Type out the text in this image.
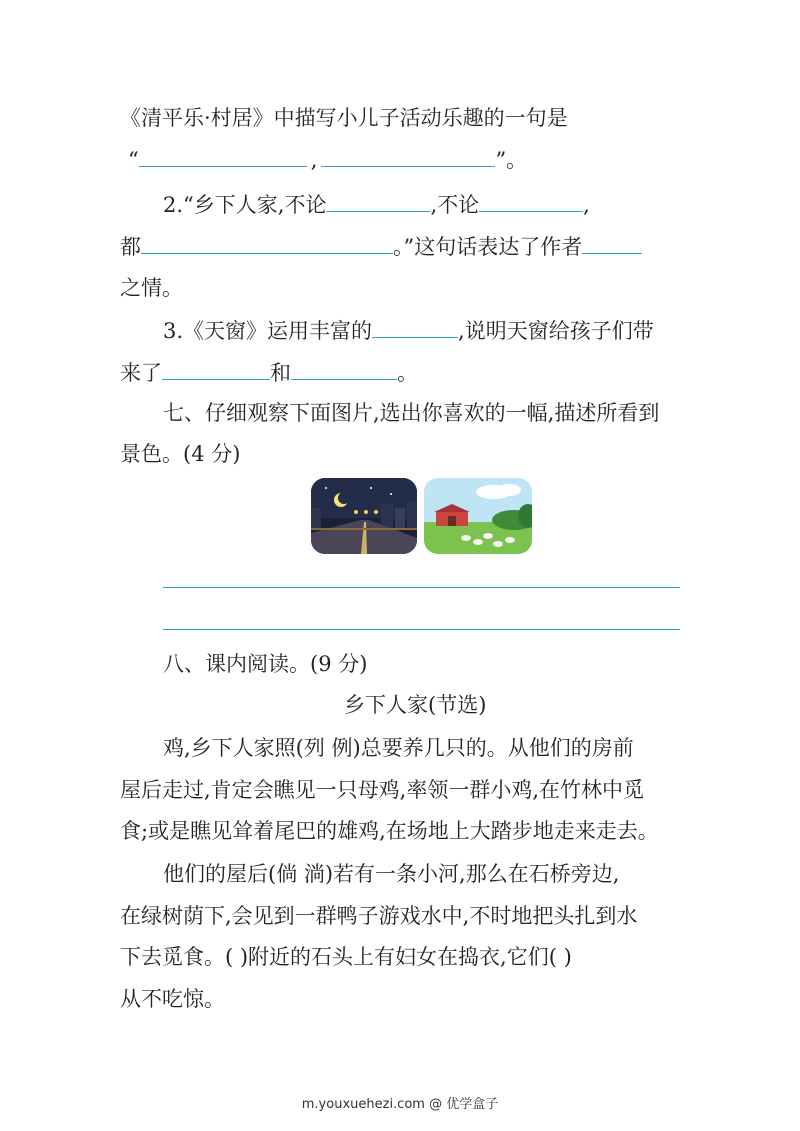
《清平乐·村居》中描写小儿子活动乐趣的一句是
“	,	”。
2.“乡下人家,不论	,不论	,
都	。”这句话表达了作者
之情。
3.《天窗》运用丰富的	,说明天窗给孩子们带
来了	和	。
七、仔细观察下面图片,选出你喜欢的一幅,描述所看到
景色。(4 分)
八、课内阅读。(9 分)
乡下人家(节选)
鸡,乡下人家照(列 例)总要养几只的。从他们的房前
屋后走过,肯定会瞧见一只母鸡,率领一群小鸡,在竹林中觅
食;或是瞧见耸着尾巴的雄鸡,在场地上大踏步地走来走去。
他们的屋后(倘 淌)若有一条小河,那么在石桥旁边,
在绿树荫下,会见到一群鸭子游戏水中,不时地把头扎到水
下去觅食。( )附近的石头上有妇女在捣衣,它们( )
从不吃惊。
m.youxuehezi.com @ 优学盒子
